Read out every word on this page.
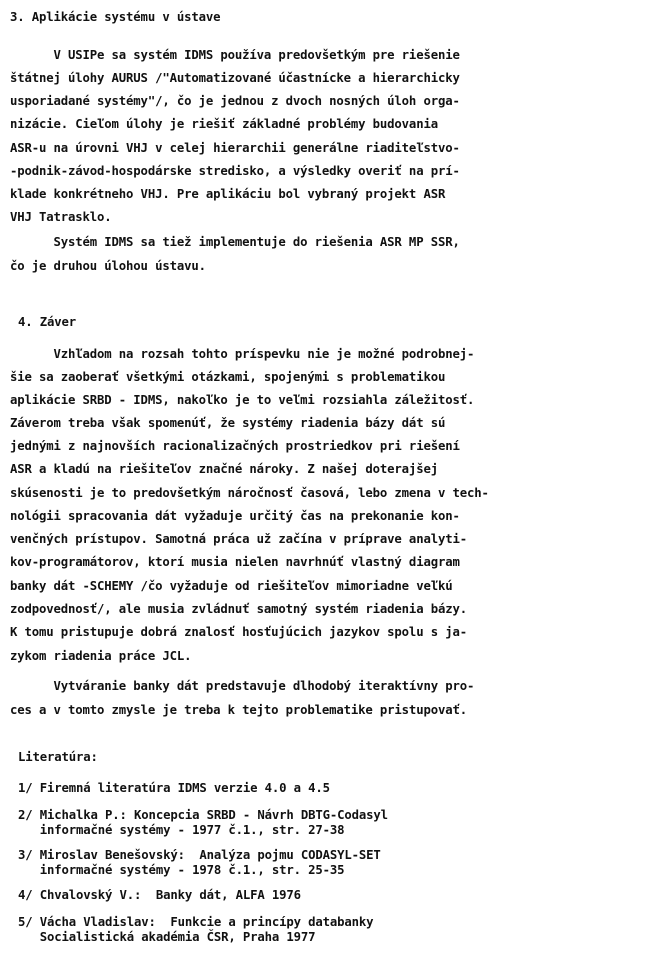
3. Aplikácie systému v ústave
V USIPe sa systém IDMS používa predovšetkým pre riešenie
štátnej úlohy AURUS /"Automatizované účastnícke a hierarchicky
usporiadané systémy"/, čo je jednou z dvoch nosných úloh orga-
nizácie. Cieľom úlohy je riešiť základné problémy budovania
ASR-u na úrovni VHJ v celej hierarchii generálne riaditeľstvo-
-podnik-závod-hospodárske stredisko, a výsledky overiť na prí-
klade konkrétneho VHJ. Pre aplikáciu bol vybraný projekt ASR
VHJ Tatrasklo.
Systém IDMS sa tiež implementuje do riešenia ASR MP SSR,
čo je druhou úlohou ústavu.
4. Záver
Vzhľadom na rozsah tohto príspevku nie je možné podrobnej-
šie sa zaoberať všetkými otázkami, spojenými s problematikou
aplikácie SRBD - IDMS, nakoľko je to veľmi rozsiahla záležitosť.
Záverom treba však spomenúť, že systémy riadenia bázy dát sú
jednými z najnovších racionalizačných prostriedkov pri riešení
ASR a kladú na riešiteľov značné nároky. Z našej doterajšej
skúsenosti je to predovšetkým náročnosť časová, lebo zmena v tech-
nológii spracovania dát vyžaduje určitý čas na prekonanie kon-
venčných prístupov. Samotná práca už začína v príprave analyti-
kov-programátorov, ktorí musia nielen navrhnúť vlastný diagram
banky dát -SCHEMY /čo vyžaduje od riešiteľov mimoriadne veľkú
zodpovednosť/, ale musia zvládnuť samotný systém riadenia bázy.
K tomu pristupuje dobrá znalosť hosťujúcich jazykov spolu s ja-
zykom riadenia práce JCL.
Vytváranie banky dát predstavuje dlhodobý iteraktívny pro-
ces a v tomto zmysle je treba k tejto problematike pristupovať.
Literatúra:
1/ Firemná literatúra IDMS verzie 4.0 a 4.5
2/ Michalka P.: Koncepcia SRBD - Návrh DBTG-Codasyl
informačné systémy - 1977 č.1., str. 27-38
3/ Miroslav Benešovský:  Analýza pojmu CODASYL-SET
informačné systémy - 1978 č.1., str. 25-35
4/ Chvalovský V.:  Banky dát, ALFA 1976
5/ Vácha Vladislav:  Funkcie a princípy databanky
Socialistická akadémia ČSR, Praha 1977
